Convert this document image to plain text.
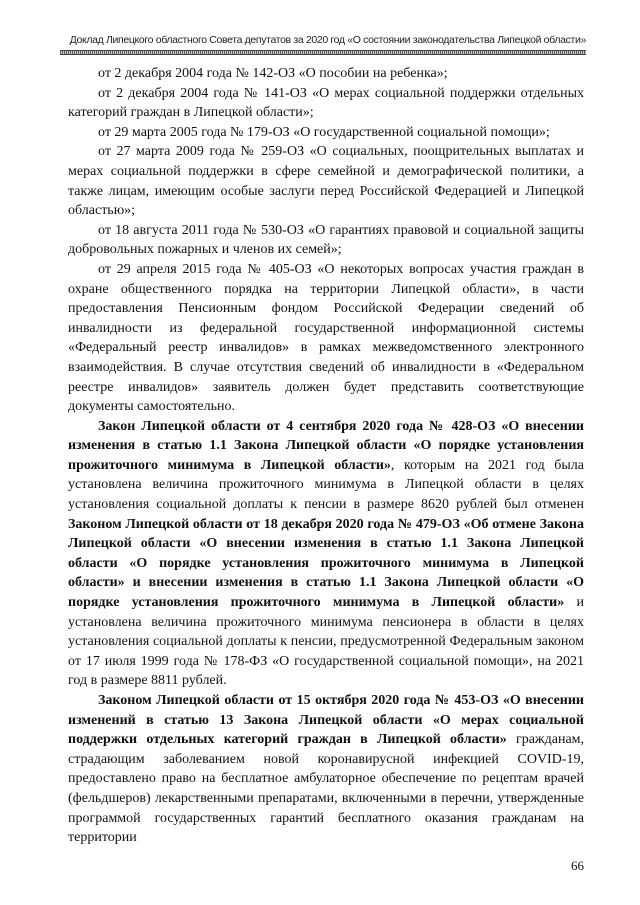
Доклад Липецкого областного Совета депутатов за 2020 год «О состоянии законодательства Липецкой области»

от 2 декабря 2004 года № 142-ОЗ «О пособии на ребенка»;

от 2 декабря 2004 года № 141-ОЗ «О мерах социальной поддержки отдельных категорий граждан в Липецкой области»;

от 29 марта 2005 года № 179-ОЗ «О государственной социальной помощи»;

от 27 марта 2009 года № 259-ОЗ «О социальных, поощрительных выплатах и мерах социальной поддержки в сфере семейной и демографической политики, а также лицам, имеющим особые заслуги перед Российской Федерацией и Липецкой областью»;

от 18 августа 2011 года № 530-ОЗ «О гарантиях правовой и социальной защиты добровольных пожарных и членов их семей»;

от 29 апреля 2015 года № 405-ОЗ «О некоторых вопросах участия граждан в охране общественного порядка на территории Липецкой области», в части предоставления Пенсионным фондом Российской Федерации сведений об инвалидности из федеральной государственной информационной системы «Федеральный реестр инвалидов» в рамках межведомственного электронного взаимодействия. В случае отсутствия сведений об инвалидности в «Федеральном реестре инвалидов» заявитель должен будет представить соответствующие документы самостоятельно.

Закон Липецкой области от 4 сентября 2020 года № 428-ОЗ «О внесении изменения в статью 1.1 Закона Липецкой области «О порядке установления прожиточного минимума в Липецкой области», которым на 2021 год была установлена величина прожиточного минимума в Липецкой области в целях установления социальной доплаты к пенсии в размере 8620 рублей был отменен Законом Липецкой области от 18 декабря 2020 года № 479-ОЗ «Об отмене Закона Липецкой области «О внесении изменения в статью 1.1 Закона Липецкой области «О порядке установления прожиточного минимума в Липецкой области» и внесении изменения в статью 1.1 Закона Липецкой области «О порядке установления прожиточного минимума в Липецкой области» и установлена величина прожиточного минимума пенсионера в области в целях установления социальной доплаты к пенсии, предусмотренной Федеральным законом от 17 июля 1999 года № 178-ФЗ «О государственной социальной помощи», на 2021 год в размере 8811 рублей.

Законом Липецкой области от 15 октября 2020 года № 453-ОЗ «О внесении изменений в статью 13 Закона Липецкой области «О мерах социальной поддержки отдельных категорий граждан в Липецкой области» гражданам, страдающим заболеванием новой коронавирусной инфекцией COVID-19, предоставлено право на бесплатное амбулаторное обеспечение по рецептам врачей (фельдшеров) лекарственными препаратами, включенными в перечни, утвержденные программой государственных гарантий бесплатного оказания гражданам на территории

66
